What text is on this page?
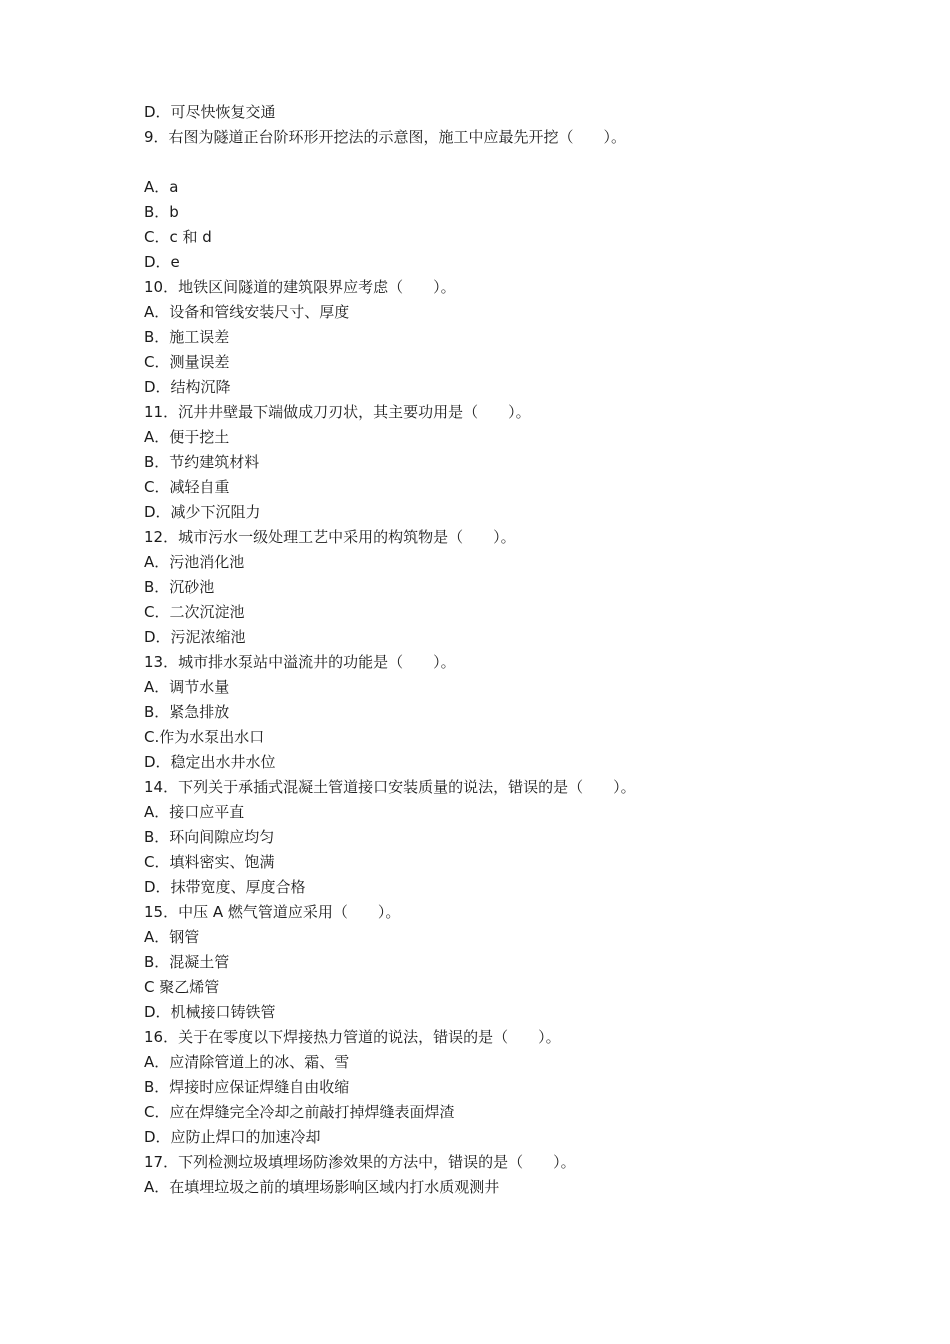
D．可尽快恢复交通
9．右图为隧道正台阶环形开挖法的示意图，施工中应最先开挖（　　）。
A．a
B．b
C．c 和 d
D．e
10．地铁区间隧道的建筑限界应考虑（　　）。
A．设备和管线安装尺寸、厚度
B．施工误差
C．测量误差
D．结构沉降
11．沉井井壁最下端做成刀刃状，其主要功用是（　　）。
A．便于挖土
B．节约建筑材料
C．减轻自重
D．减少下沉阻力
12．城市污水一级处理工艺中采用的构筑物是（　　）。
A．污池消化池
B．沉砂池
C．二次沉淀池
D．污泥浓缩池
13．城市排水泵站中溢流井的功能是（　　）。
A．调节水量
B．紧急排放
C.作为水泵出水口
D．稳定出水井水位
14．下列关于承插式混凝土管道接口安装质量的说法，错误的是（　　）。
A．接口应平直
B．环向间隙应均匀
C．填料密实、饱满
D．抹带宽度、厚度合格
15．中压 A 燃气管道应采用（　　）。
A．钢管
B．混凝土管
C 聚乙烯管
D．机械接口铸铁管
16．关于在零度以下焊接热力管道的说法，错误的是（　　）。
A．应清除管道上的冰、霜、雪
B．焊接时应保证焊缝自由收缩
C．应在焊缝完全冷却之前敲打掉焊缝表面焊渣
D．应防止焊口的加速冷却
17．下列检测垃圾填埋场防渗效果的方法中，错误的是（　　）。
A．在填埋垃圾之前的填埋场影响区域内打水质观测井
